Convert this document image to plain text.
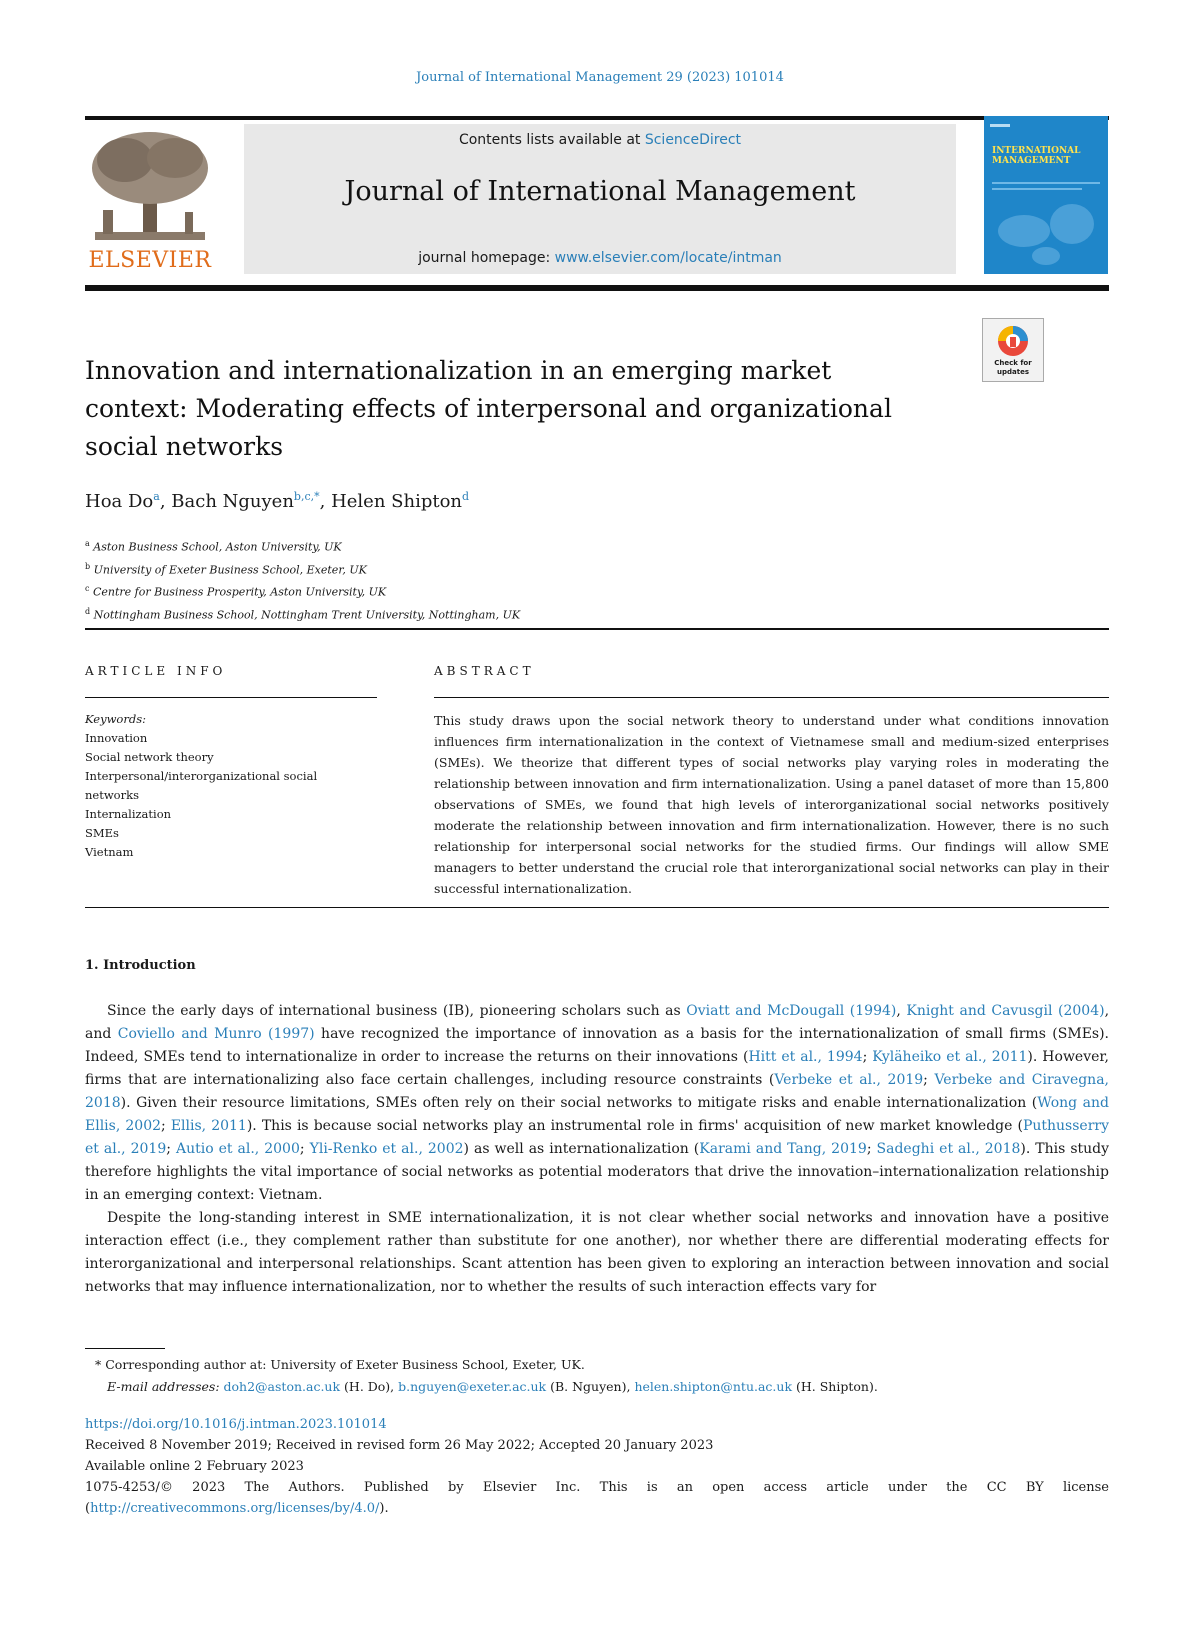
Journal of International Management 29 (2023) 101014
ELSEVIER
Contents lists available at ScienceDirect
Journal of International Management
journal homepage: www.elsevier.com/locate/intman
INTERNATIONAL MANAGEMENT
Check for updates
Innovation and internationalization in an emerging market
context: Moderating effects of interpersonal and organizational
social networks
Hoa Do$^a$, Bach Nguyen$^{b,c,*}$, Helen Shipton$^d$
$^a$ Aston Business School, Aston University, UK
$^b$ University of Exeter Business School, Exeter, UK
$^c$ Centre for Business Prosperity, Aston University, UK
$^d$ Nottingham Business School, Nottingham Trent University, Nottingham, UK
ARTICLE INFO	ABSTRACT
Keywords:
Innovation
Social network theory
Interpersonal/interorganizational social networks
Internalization
SMEs
Vietnam
This study draws upon the social network theory to understand under what conditions innovation influences firm internationalization in the context of Vietnamese small and medium-sized enterprises (SMEs). We theorize that different types of social networks play varying roles in moderating the relationship between innovation and firm internationalization. Using a panel dataset of more than 15,800 observations of SMEs, we found that high levels of interorganizational social networks positively moderate the relationship between innovation and firm internationalization. However, there is no such relationship for interpersonal social networks for the studied firms. Our findings will allow SME managers to better understand the crucial role that interorganizational social networks can play in their successful internationalization.
1. Introduction

Since the early days of international business (IB), pioneering scholars such as Oviatt and McDougall (1994), Knight and Cavusgil (2004), and Coviello and Munro (1997) have recognized the importance of innovation as a basis for the internationalization of small firms (SMEs). Indeed, SMEs tend to internationalize in order to increase the returns on their innovations (Hitt et al., 1994; Kyläheiko et al., 2011). However, firms that are internationalizing also face certain challenges, including resource constraints (Verbeke et al., 2019; Verbeke and Ciravegna, 2018). Given their resource limitations, SMEs often rely on their social networks to mitigate risks and enable internationalization (Wong and Ellis, 2002; Ellis, 2011). This is because social networks play an instrumental role in firms' acquisition of new market knowledge (Puthusserry et al., 2019; Autio et al., 2000; Yli-Renko et al., 2002) as well as internationalization (Karami and Tang, 2019; Sadeghi et al., 2018). This study therefore highlights the vital importance of social networks as potential moderators that drive the innovation–internationalization relationship in an emerging context: Vietnam.

Despite the long-standing interest in SME internationalization, it is not clear whether social networks and innovation have a positive interaction effect (i.e., they complement rather than substitute for one another), nor whether there are differential moderating effects for interorganizational and interpersonal relationships. Scant attention has been given to exploring an interaction between innovation and social networks that may influence internationalization, nor to whether the results of such interaction effects vary for

* Corresponding author at: University of Exeter Business School, Exeter, UK.
E-mail addresses: doh2@aston.ac.uk (H. Do), b.nguyen@exeter.ac.uk (B. Nguyen), helen.shipton@ntu.ac.uk (H. Shipton).
https://doi.org/10.1016/j.intman.2023.101014
Received 8 November 2019; Received in revised form 26 May 2022; Accepted 20 January 2023
Available online 2 February 2023
1075-4253/© 2023 The Authors. Published by Elsevier Inc. This is an open access article under the CC BY license
(http://creativecommons.org/licenses/by/4.0/).
